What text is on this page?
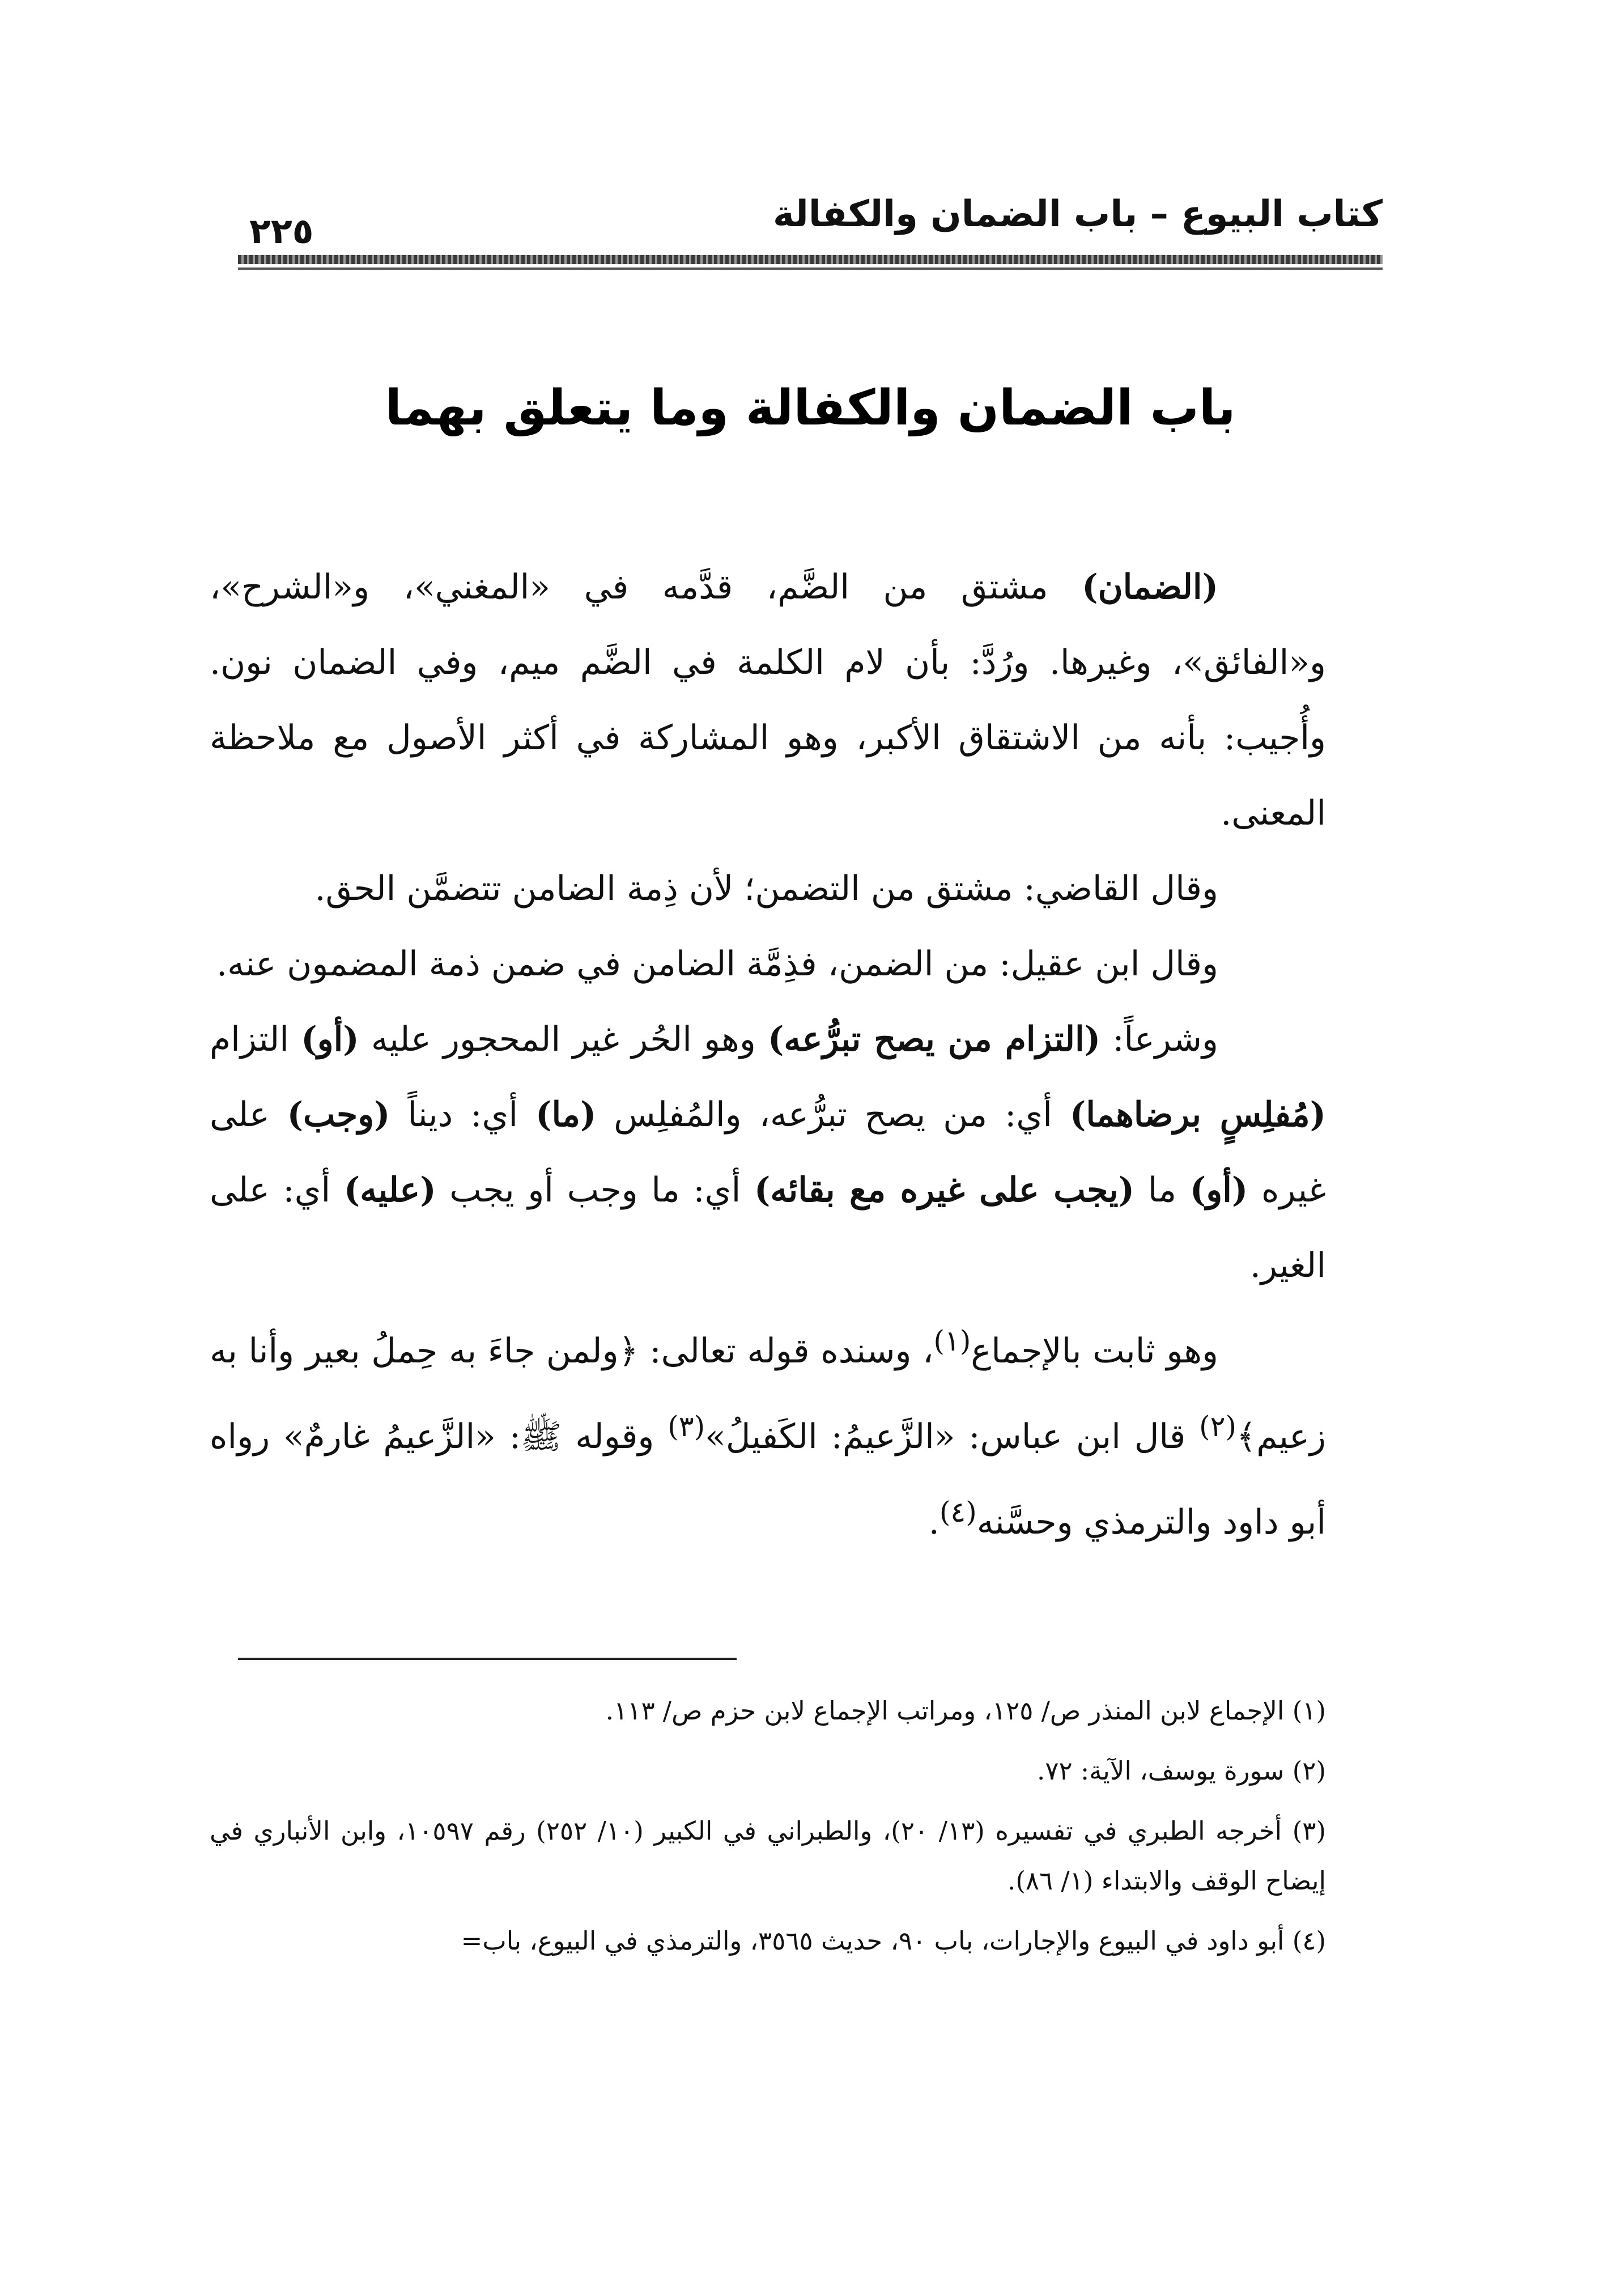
كتاب البيوع – باب الضمان والكفالة
٢٢٥
باب الضمان والكفالة وما يتعلق بهما

(الضمان) مشتق من الضَّم، قدَّمه في «المغني»، و«الشرح»، و«الفائق»، وغيرها. ورُدَّ: بأن لام الكلمة في الضَّم ميم، وفي الضمان نون. وأُجيب: بأنه من الاشتقاق الأكبر، وهو المشاركة في أكثر الأصول مع ملاحظة المعنى.

وقال القاضي: مشتق من التضمن؛ لأن ذِمة الضامن تتضمَّن الحق.

وقال ابن عقيل: من الضمن، فذِمَّة الضامن في ضمن ذمة المضمون عنه.

وشرعاً: (التزام من يصح تبرُّعه) وهو الحُر غير المحجور عليه (أو) التزام (مُفلِسٍ برضاهما) أي: من يصح تبرُّعه، والمُفلِس (ما) أي: ديناً (وجب) على غيره (أو) ما (يجب على غيره مع بقائه) أي: ما وجب أو يجب (عليه) أي: على الغير.

وهو ثابت بالإجماع$^{(١)}$، وسنده قوله تعالى: ﴿ولمن جاءَ به حِملُ بعير وأنا به زعيم﴾$^{(٢)}$ قال ابن عباس: «الزَّعيمُ: الكَفيلُ»$^{(٣)}$ وقوله ﷺ: «الزَّعيمُ غارمٌ» رواه أبو داود والترمذي وحسَّنه$^{(٤)}$.

(١) الإجماع لابن المنذر ص/ ١٢٥، ومراتب الإجماع لابن حزم ص/ ١١٣.

(٢) سورة يوسف، الآية: ٧٢.

(٣) أخرجه الطبري في تفسيره (١٣/ ٢٠)، والطبراني في الكبير (١٠/ ٢٥٢) رقم ١٠٥٩٧، وابن الأنباري في إيضاح الوقف والابتداء (١/ ٨٦).

(٤) أبو داود في البيوع والإجارات، باب ٩٠، حديث ٣٥٦٥، والترمذي في البيوع، باب=
